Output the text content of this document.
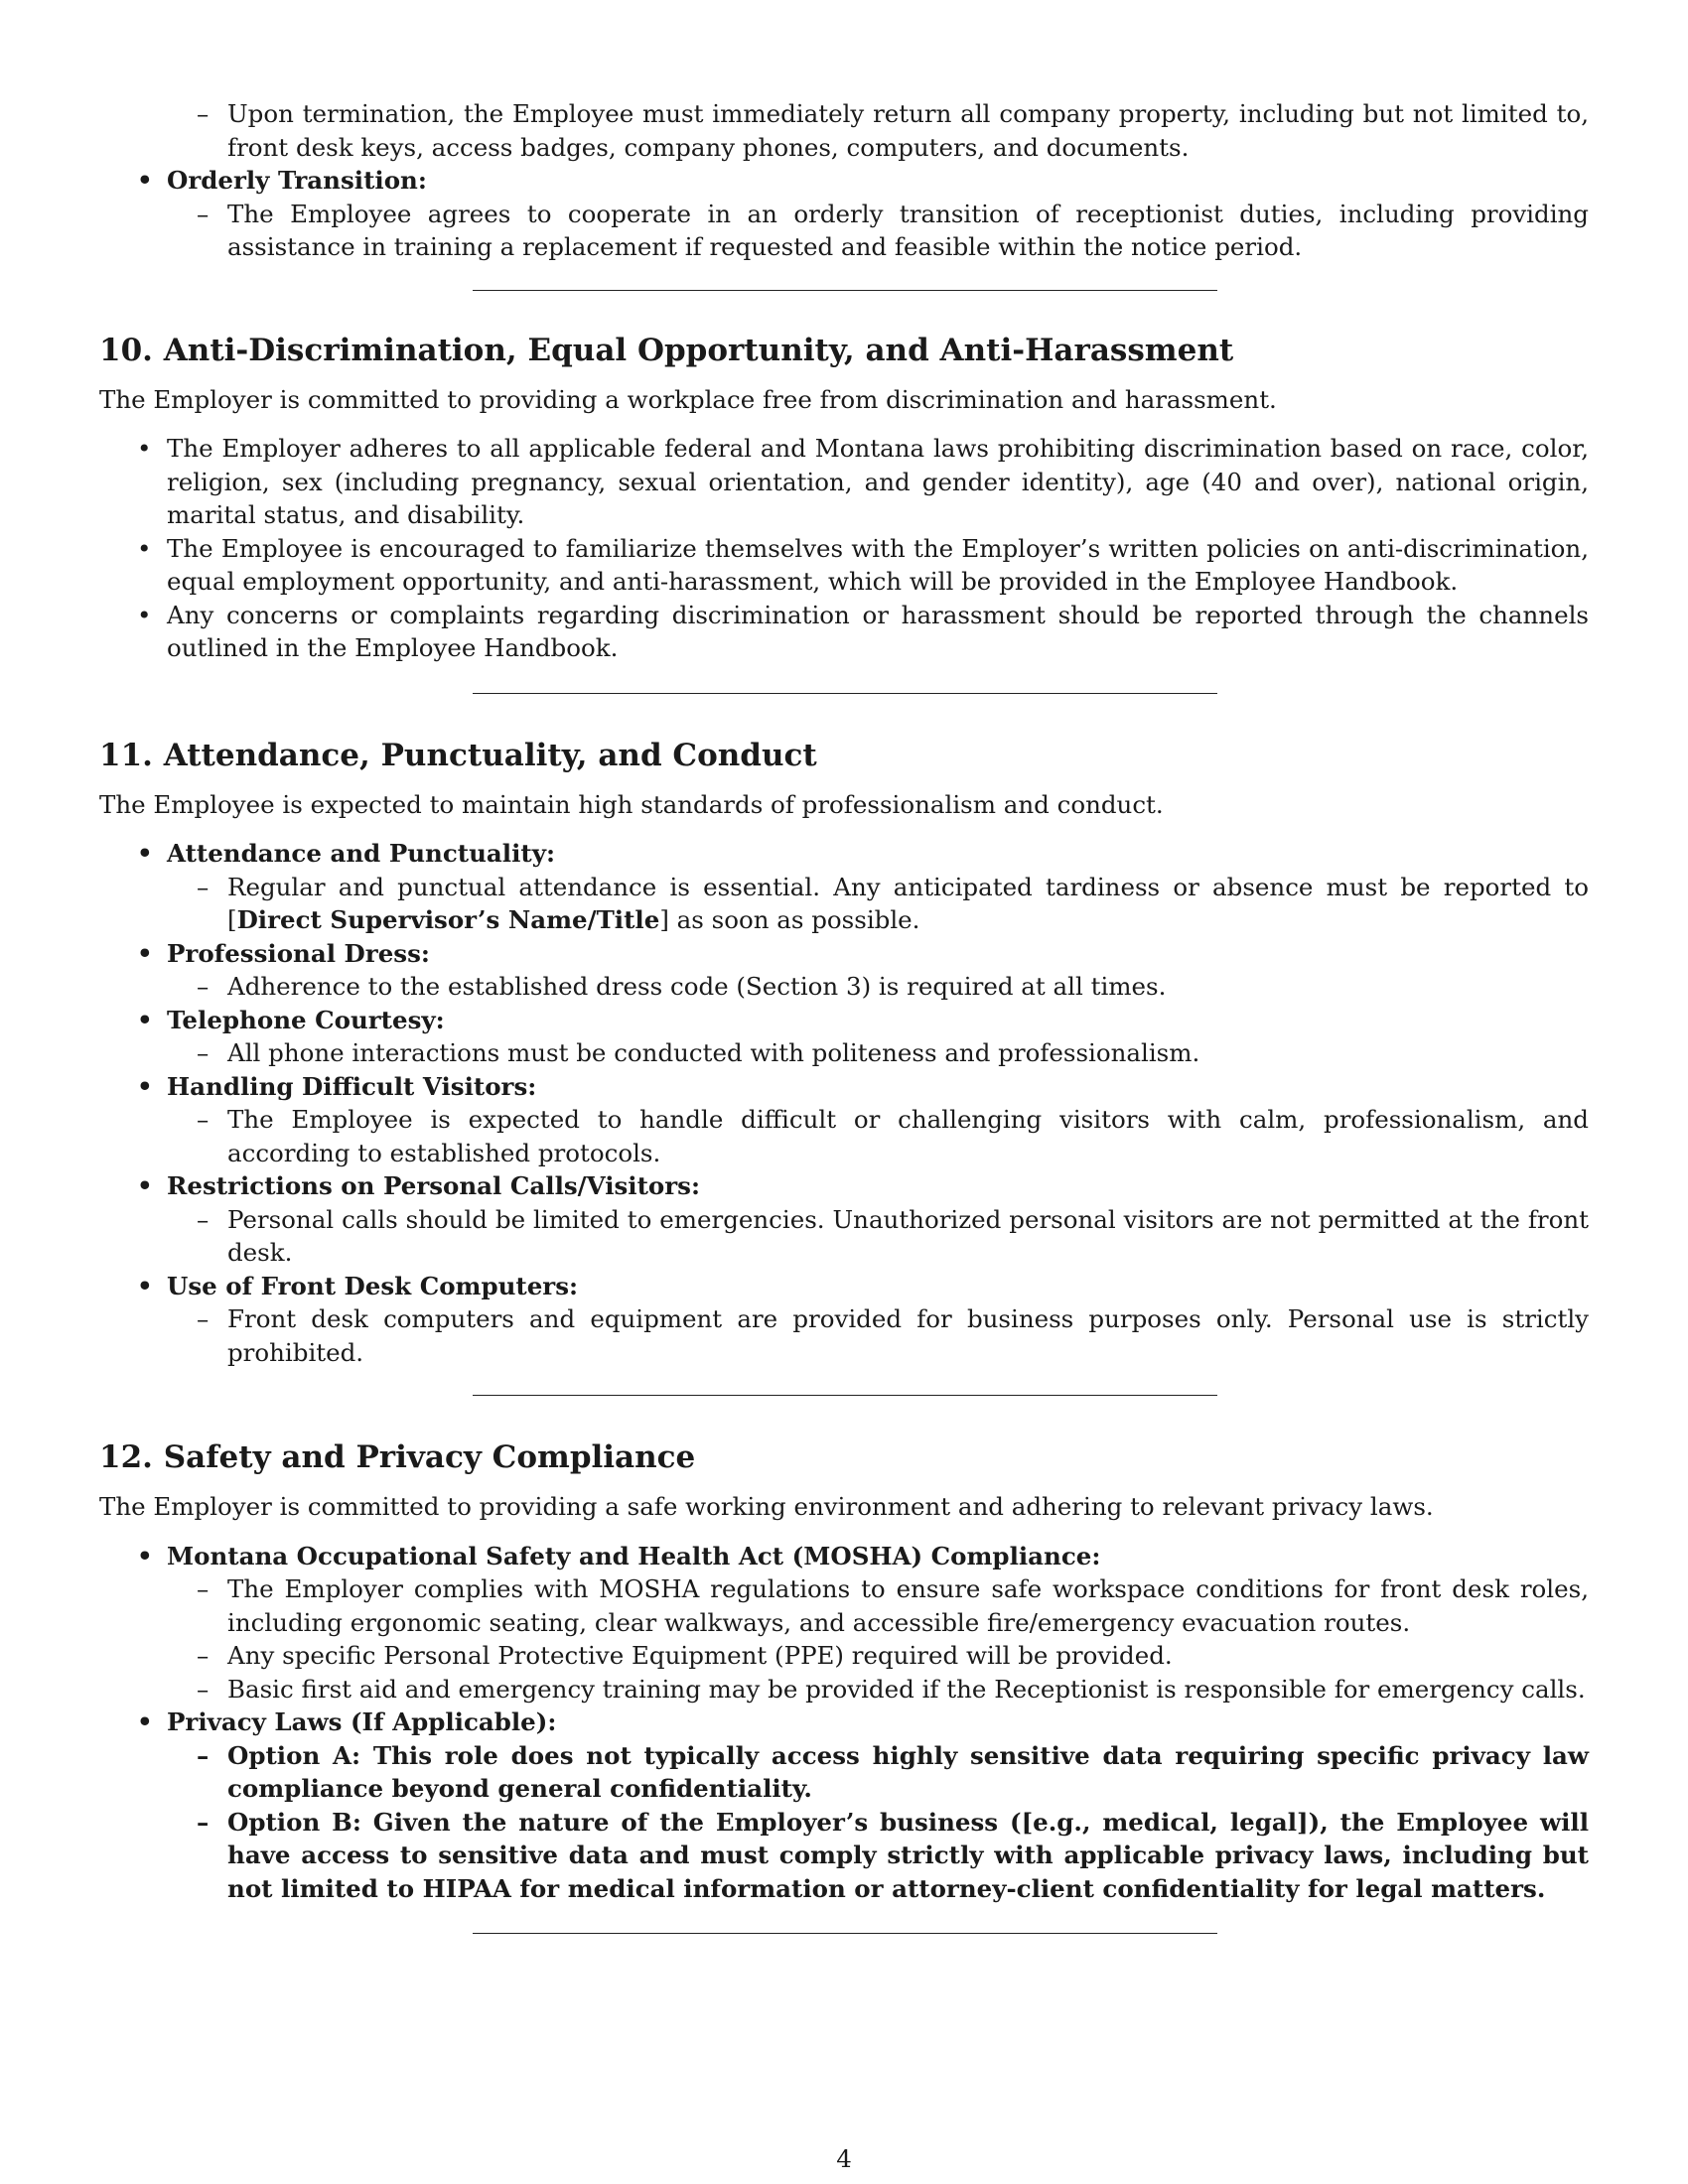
– Upon termination, the Employee must immediately return all company property, including but not limited to, front desk keys, access badges, company phones, computers, and documents.
• Orderly Transition:
– The Employee agrees to cooperate in an orderly transition of receptionist duties, including providing assistance in training a replacement if requested and feasible within the notice period.
10. Anti-Discrimination, Equal Opportunity, and Anti-Harassment
The Employer is committed to providing a workplace free from discrimination and harassment.
• The Employer adheres to all applicable federal and Montana laws prohibiting discrimination based on race, color, religion, sex (including pregnancy, sexual orientation, and gender identity), age (40 and over), national origin, marital status, and disability.
• The Employee is encouraged to familiarize themselves with the Employer’s written policies on anti-discrimination, equal employment opportunity, and anti-harassment, which will be provided in the Employee Handbook.
• Any concerns or complaints regarding discrimination or harassment should be reported through the channels outlined in the Employee Handbook.
11. Attendance, Punctuality, and Conduct
The Employee is expected to maintain high standards of professionalism and conduct.
• Attendance and Punctuality:
– Regular and punctual attendance is essential. Any anticipated tardiness or absence must be reported to [Direct Supervisor’s Name/Title] as soon as possible.
• Professional Dress:
– Adherence to the established dress code (Section 3) is required at all times.
• Telephone Courtesy:
– All phone interactions must be conducted with politeness and professionalism.
• Handling Difficult Visitors:
– The Employee is expected to handle difficult or challenging visitors with calm, professionalism, and according to established protocols.
• Restrictions on Personal Calls/Visitors:
– Personal calls should be limited to emergencies. Unauthorized personal visitors are not permitted at the front desk.
• Use of Front Desk Computers:
– Front desk computers and equipment are provided for business purposes only. Personal use is strictly prohibited.
12. Safety and Privacy Compliance
The Employer is committed to providing a safe working environment and adhering to relevant privacy laws.
• Montana Occupational Safety and Health Act (MOSHA) Compliance:
– The Employer complies with MOSHA regulations to ensure safe workspace conditions for front desk roles, including ergonomic seating, clear walkways, and accessible fire/emergency evacuation routes.
– Any specific Personal Protective Equipment (PPE) required will be provided.
– Basic first aid and emergency training may be provided if the Receptionist is responsible for emergency calls.
• Privacy Laws (If Applicable):
– Option A: This role does not typically access highly sensitive data requiring specific privacy law compliance beyond general confidentiality.
– Option B: Given the nature of the Employer’s business ([e.g., medical, legal]), the Employee will have access to sensitive data and must comply strictly with applicable privacy laws, including but not limited to HIPAA for medical information or attorney-client confidentiality for legal matters.
4
